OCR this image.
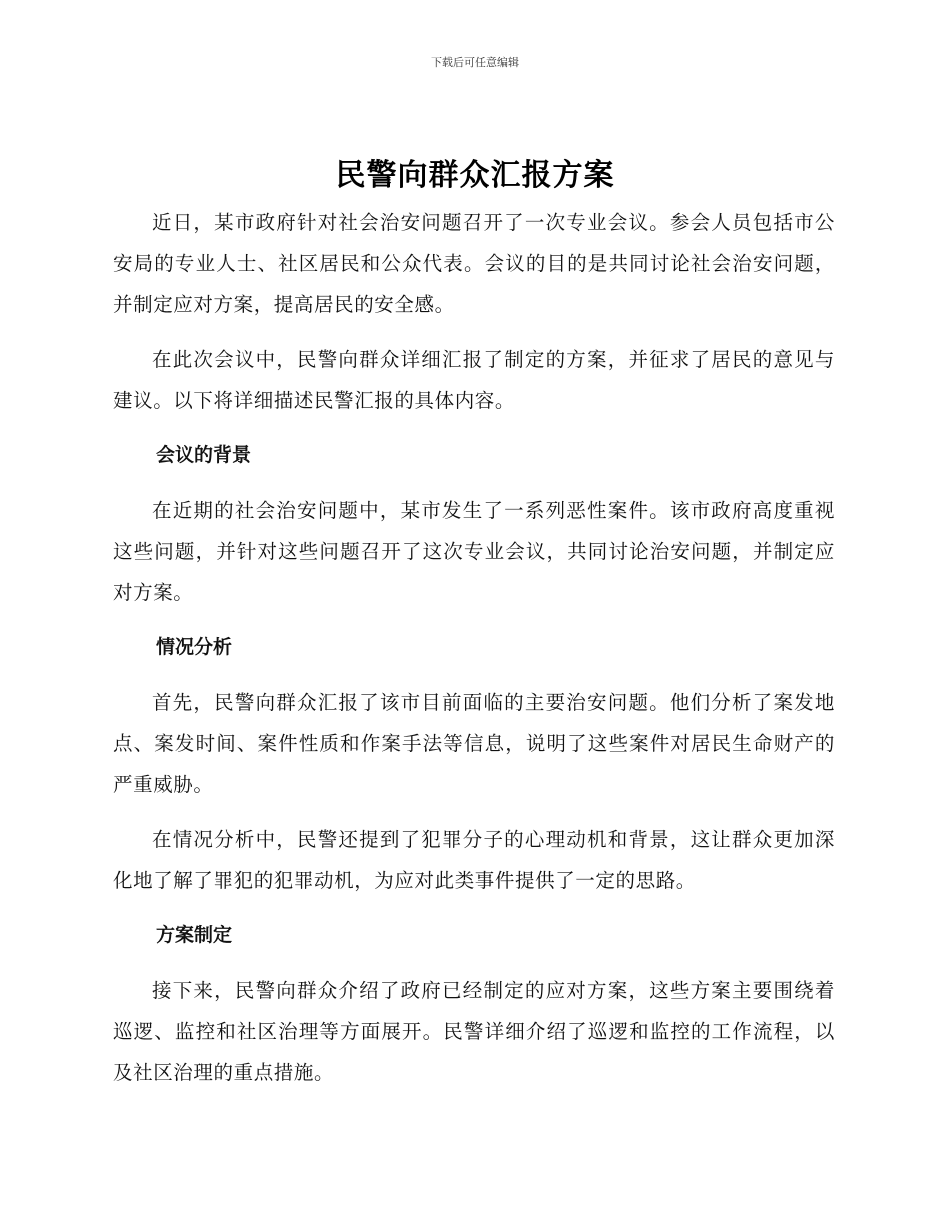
下载后可任意编辑
民警向群众汇报方案

近日，某市政府针对社会治安问题召开了一次专业会议。参会人员包括市公安局的专业人士、社区居民和公众代表。会议的目的是共同讨论社会治安问题，并制定应对方案，提高居民的安全感。

在此次会议中，民警向群众详细汇报了制定的方案，并征求了居民的意见与建议。以下将详细描述民警汇报的具体内容。

会议的背景

在近期的社会治安问题中，某市发生了一系列恶性案件。该市政府高度重视这些问题，并针对这些问题召开了这次专业会议，共同讨论治安问题，并制定应对方案。

情况分析

首先，民警向群众汇报了该市目前面临的主要治安问题。他们分析了案发地点、案发时间、案件性质和作案手法等信息，说明了这些案件对居民生命财产的严重威胁。

在情况分析中，民警还提到了犯罪分子的心理动机和背景，这让群众更加深化地了解了罪犯的犯罪动机，为应对此类事件提供了一定的思路。

方案制定

接下来，民警向群众介绍了政府已经制定的应对方案，这些方案主要围绕着巡逻、监控和社区治理等方面展开。民警详细介绍了巡逻和监控的工作流程，以及社区治理的重点措施。
